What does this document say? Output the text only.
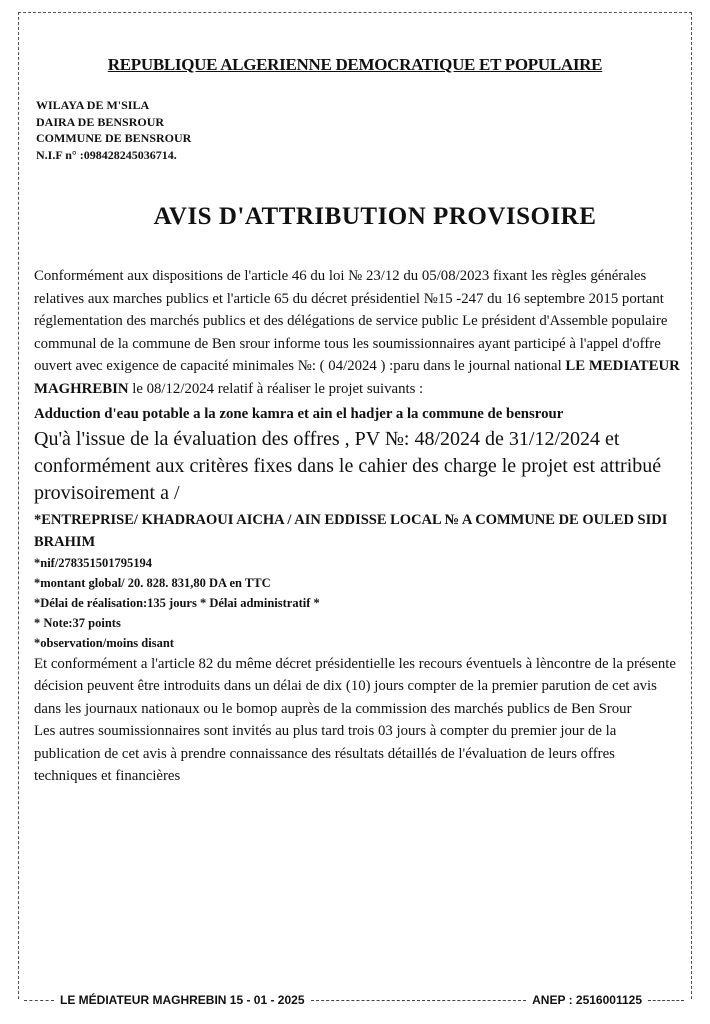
REPUBLIQUE ALGERIENNE DEMOCRATIQUE ET POPULAIRE
WILAYA DE M'SILA
DAIRA DE BENSROUR
COMMUNE DE BENSROUR
N.I.F n° :098428245036714.
AVIS D'ATTRIBUTION PROVISOIRE

Conformément aux dispositions de l'article 46 du loi № 23/12 du 05/08/2023 fixant les règles générales relatives aux marches publics et l'article 65 du décret présidentiel №15 -247 du 16 septembre 2015 portant réglementation des marchés publics et des délégations de service public Le président d'Assemble populaire communal de la commune de Ben srour informe tous les soumissionnaires ayant participé à l'appel d'offre ouvert avec exigence de capacité minimales №: ( 04/2024 ) :paru dans le journal national LE MEDIATEUR MAGHREBIN le 08/12/2024 relatif à réaliser le projet suivants :

Adduction d'eau potable a la zone kamra et ain el hadjer a la commune de bensrour

Qu'à l'issue de la évaluation des offres , PV №: 48/2024 de 31/12/2024 et conformément aux critères fixes dans le cahier des charge le projet est attribué provisoirement a /

*ENTREPRISE/ KHADRAOUI AICHA / AIN EDDISSE LOCAL № A COMMUNE DE OULED SIDI BRAHIM

*nif/278351501795194

*montant global/ 20. 828. 831,80 DA en TTC

*Délai de réalisation:135 jours * Délai administratif *

* Note:37 points

*observation/moins disant

Et conformément a l'article 82 du même décret présidentielle les recours éventuels à lèncontre de la présente décision peuvent être introduits dans un délai de dix (10) jours compter de la premier parution de cet avis dans les journaux nationaux ou le bomop auprès de la commission des marchés publics de Ben Srour

Les autres soumissionnaires sont invités au plus tard trois 03 jours à compter du premier jour de la publication de cet avis à prendre connaissance des résultats détaillés de l'évaluation de leurs offres techniques et financières

LE MÉDIATEUR MAGHREBIN 15 - 01 - 2025	ANEP : 2516001125
